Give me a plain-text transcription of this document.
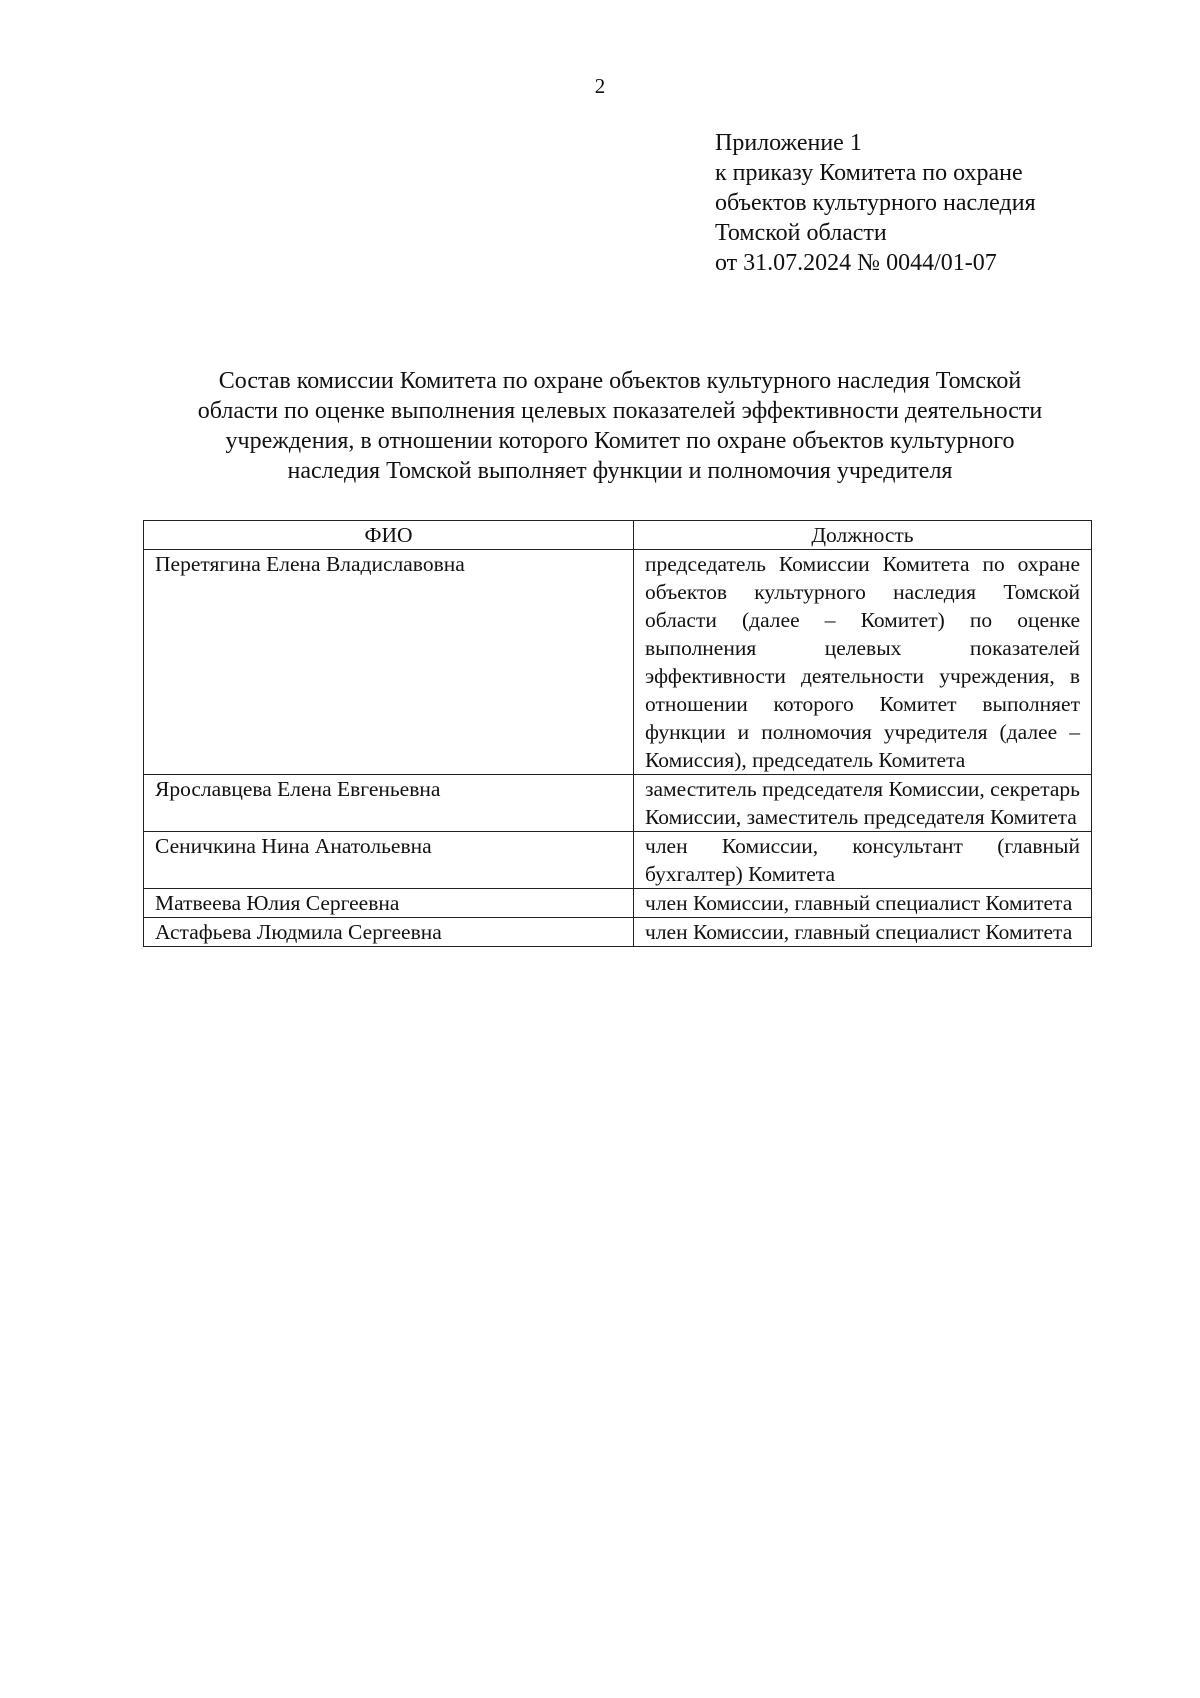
2
Приложение 1
к приказу Комитета по охране
объектов культурного наследия
Томской области
от 31.07.2024 № 0044/01-07
Состав комиссии Комитета по охране объектов культурного наследия Томской
области по оценке выполнения целевых показателей эффективности деятельности
учреждения, в отношении которого Комитет по охране объектов культурного
наследия Томской выполняет функции и полномочия учредителя
ФИО	Должность
Перетягина Елена Владиславовна	председатель Комиссии Комитета по охране объектов культурного наследия Томской области (далее – Комитет) по оценке выполнения целевых показателей эффективности деятельности учреждения, в отношении которого Комитет выполняет функции и полномочия учредителя (далее – Комиссия), председатель Комитета
Ярославцева Елена Евгеньевна	заместитель председателя Комиссии, секретарь Комиссии, заместитель председателя Комитета
Сеничкина Нина Анатольевна	член Комиссии, консультант (главный бухгалтер) Комитета
Матвеева Юлия Сергеевна	член Комиссии, главный специалист Комитета
Астафьева Людмила Сергеевна	член Комиссии, главный специалист Комитета
